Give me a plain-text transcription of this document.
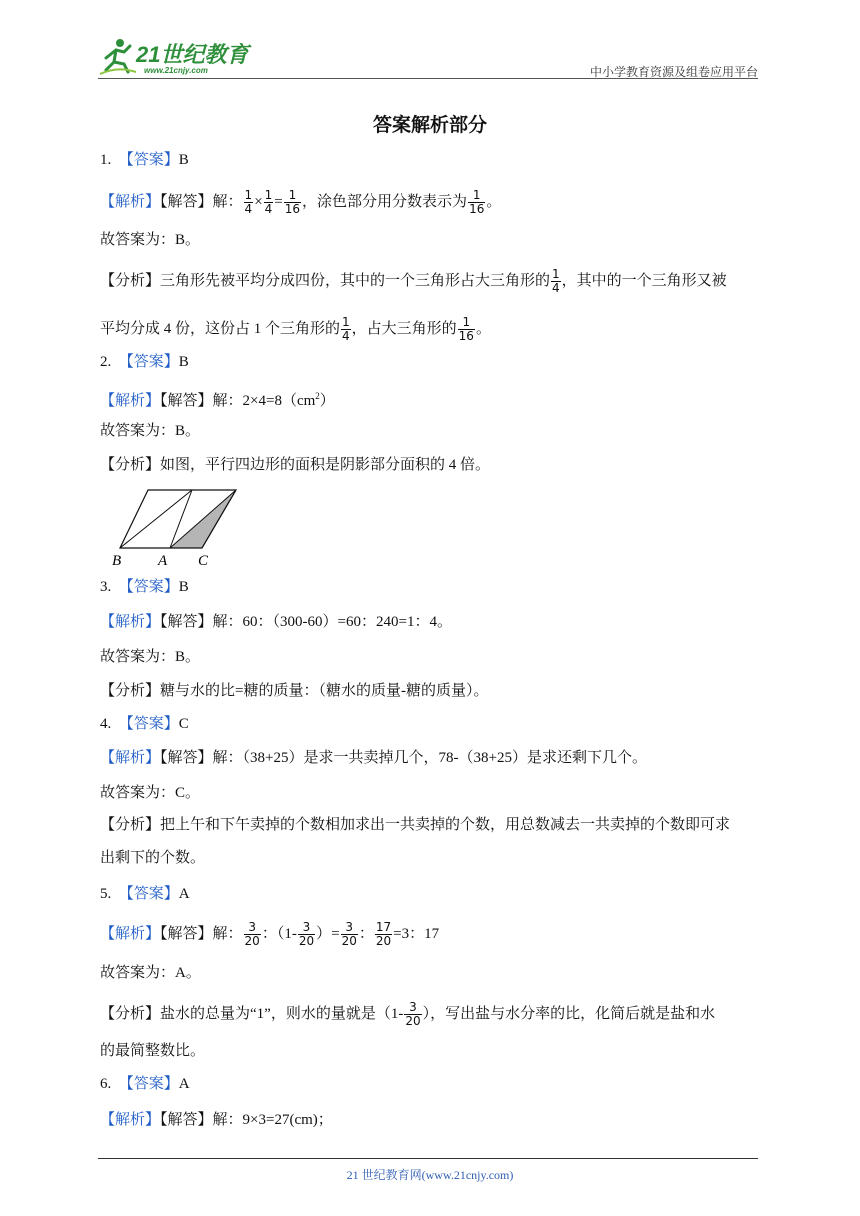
21世纪教育
www.21cnjy.com	中小学教育资源及组卷应用平台
答案解析部分
1. 【答案】B
【解析】【解答】解： $\frac{1}{4} \times \frac{1}{4} = \frac{1}{16}$ ，涂色部分用分数表示为 $\frac{1}{16}$ 。
故答案为：B。
【分析】三角形先被平均分成四份，其中的一个三角形占大三角形的 $\frac{1}{4}$ ，其中的一个三角形又被
平均分成 4 份，这份占 1 个三角形的 $\frac{1}{4}$ ，占大三角形的 $\frac{1}{16}$ 。
2. 【答案】B
【解析】【解答】解：$2\times 4=8(cm^2)$
故答案为：B。
【分析】如图，平行四边形的面积是阴影部分面积的 4 倍。
B A C
3. 【答案】B
【解析】【解答】解：60：（300-60）=60：240=1：4。
故答案为：B。
【分析】糖与水的比=糖的质量：（糖水的质量-糖的质量）。
4. 【答案】C
【解析】【解答】解：（38+25）是求一共卖掉几个，78-（38+25）是求还剩下几个。
故答案为：C。
【分析】把上午和下午卖掉的个数相加求出一共卖掉的个数，用总数减去一共卖掉的个数即可求
出剩下的个数。
5. 【答案】A
【解析】【解答】解： $\frac{3}{20}$ ：（$1- \frac{3}{20}$ ）= $\frac{3}{20}$ ： $\frac{17}{20} =3$：17
故答案为：A。
【分析】盐水的总量为“1”，则水的量就是（$1- \frac{3}{20}$ ），写出盐与水分率的比，化简后就是盐和水
的最简整数比。
6. 【答案】A
【解析】【解答】解：9×3=27(cm)；
21 世纪教育网(www.21cnjy.com)
